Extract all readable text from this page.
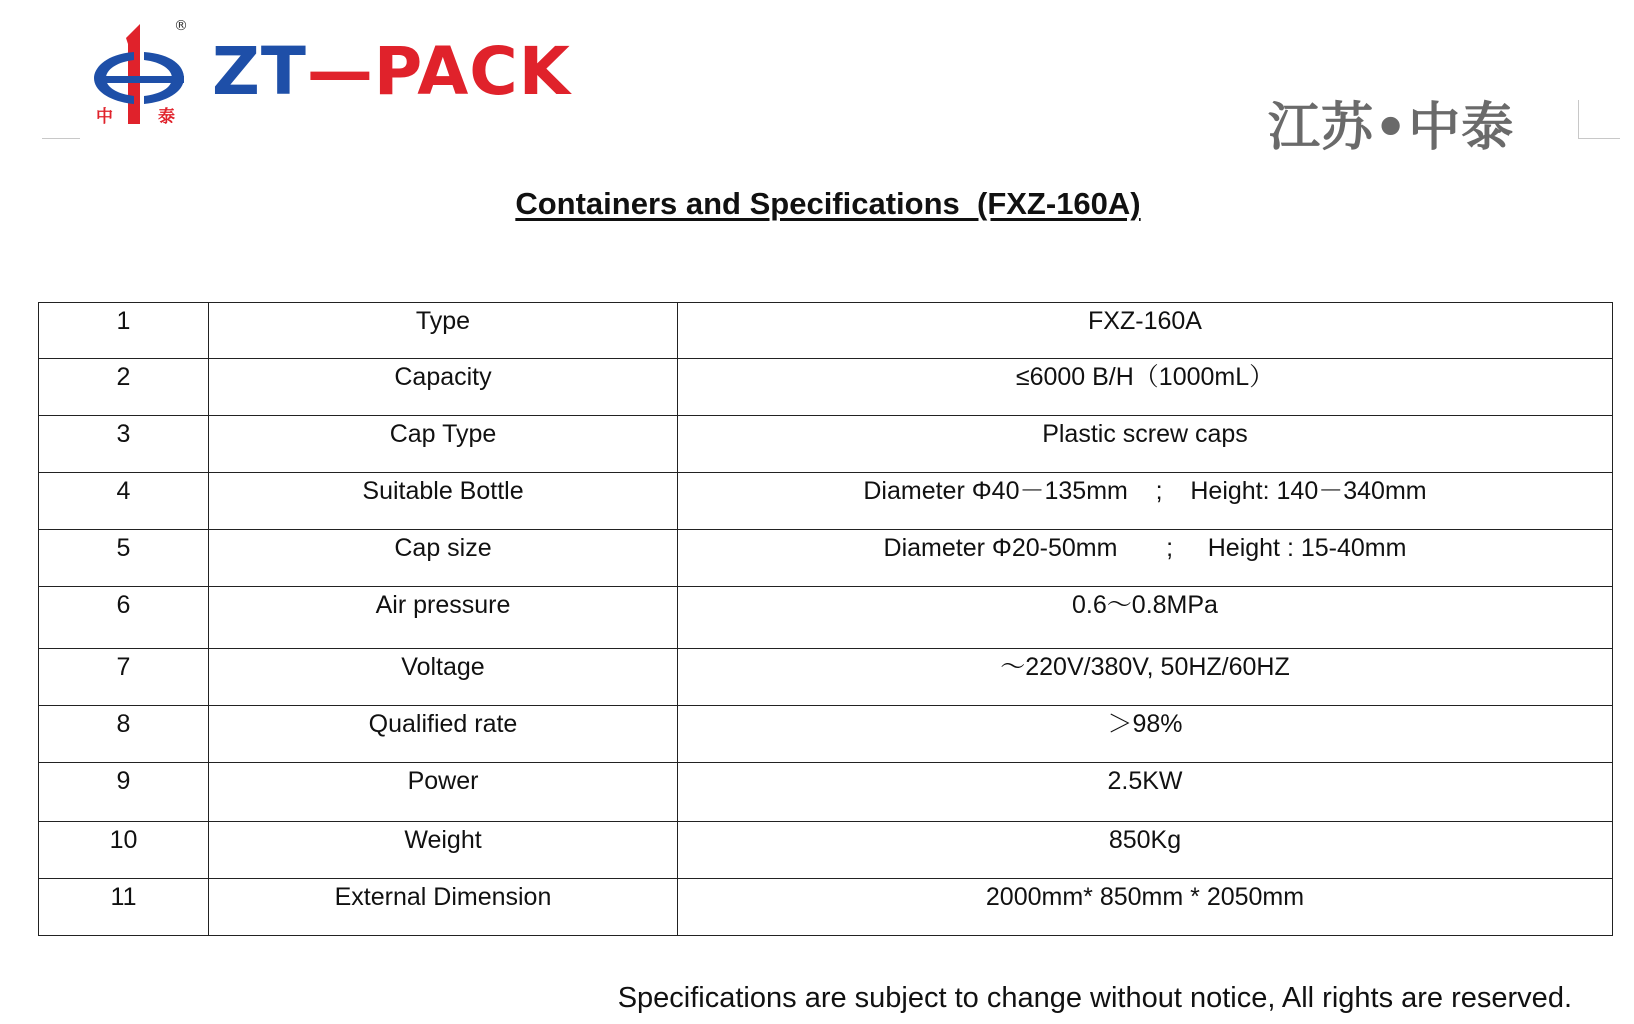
®
中	泰
ZT—PACK
江苏•中泰
Containers and Specifications  (FXZ-160A)
1	Type	FXZ-160A

2	Capacity	≤6000 B/H（1000mL）

3	Cap Type	Plastic screw caps

4	Suitable Bottle	Diameter Φ40－135mm    ;    Height: 140－340mm

5	Cap size	Diameter Φ20-50mm       ;     Height : 15-40mm

6	Air pressure	0.6～0.8MPa

7	Voltage	～220V/380V, 50HZ/60HZ

8	Qualified rate	＞98%

9	Power	2.5KW

10	Weight	850Kg

11	External Dimension	2000mm* 850mm * 2050mm
Specifications are subject to change without notice, All rights are reserved.
